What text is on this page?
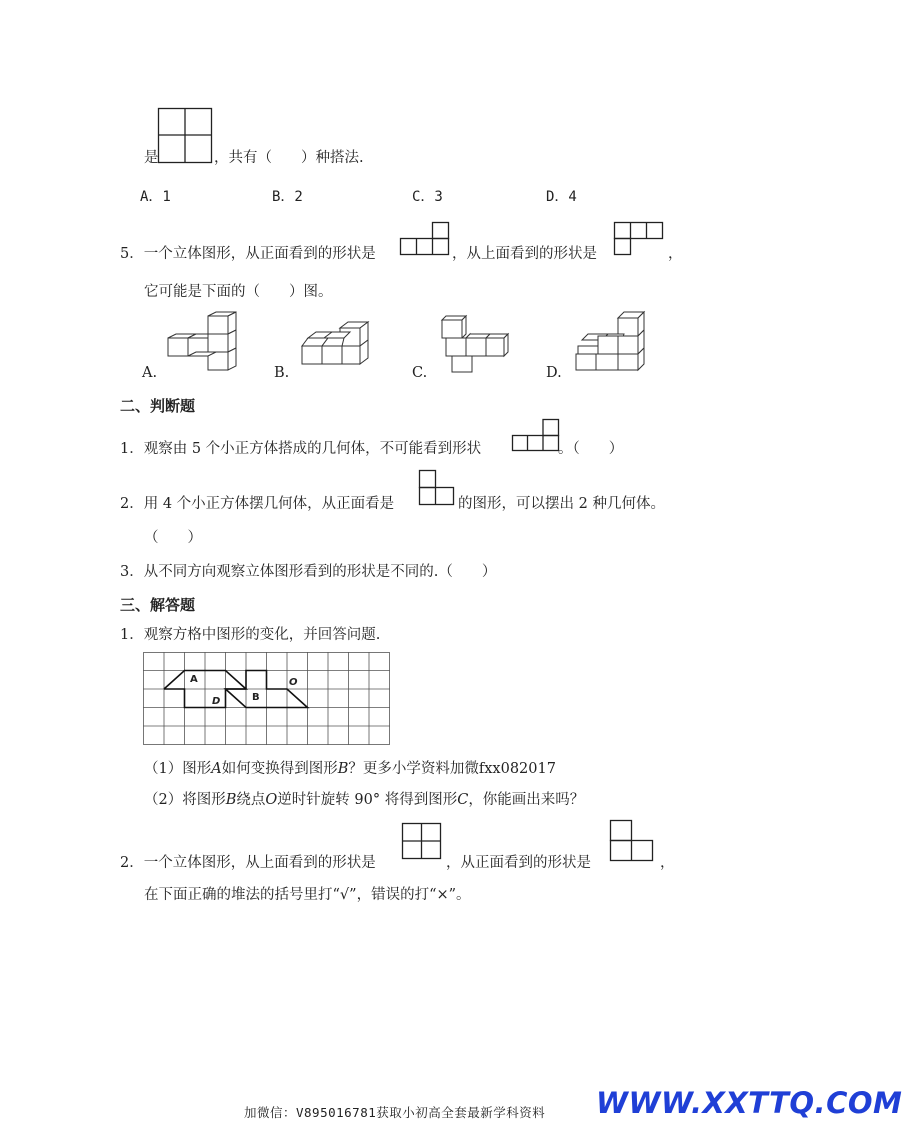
是	，共有（　　）种搭法.
A．1	B．2	C．3	D．4
5．一个立体图形，从正面看到的形状是	，从上面看到的形状是	，
它可能是下面的（　　）图。
A.	B.	C.	D.
二、判断题
1．观察由 5 个小正方体搭成的几何体，不可能看到形状	。（　　）
2．用 4 个小正方体摆几何体，从正面看是	的图形，可以摆出 2 种几何体。
（　　）
3．从不同方向观察立体图形看到的形状是不同的.（　　）
三、解答题
1．观察方格中图形的变化，并回答问题.
A
B
D
O
（1）图形A如何变换得到图形B？更多小学资料加微fxx082017
（2）将图形B绕点O逆时针旋转 90° 将得到图形C，你能画出来吗？
2．一个立体图形，从上面看到的形状是	，从正面看到的形状是	，
在下面正确的堆法的括号里打“√”，错误的打“×”。
加微信：V895016781获取小初高全套最新学科资料 WWW.XXTTQ.COM
